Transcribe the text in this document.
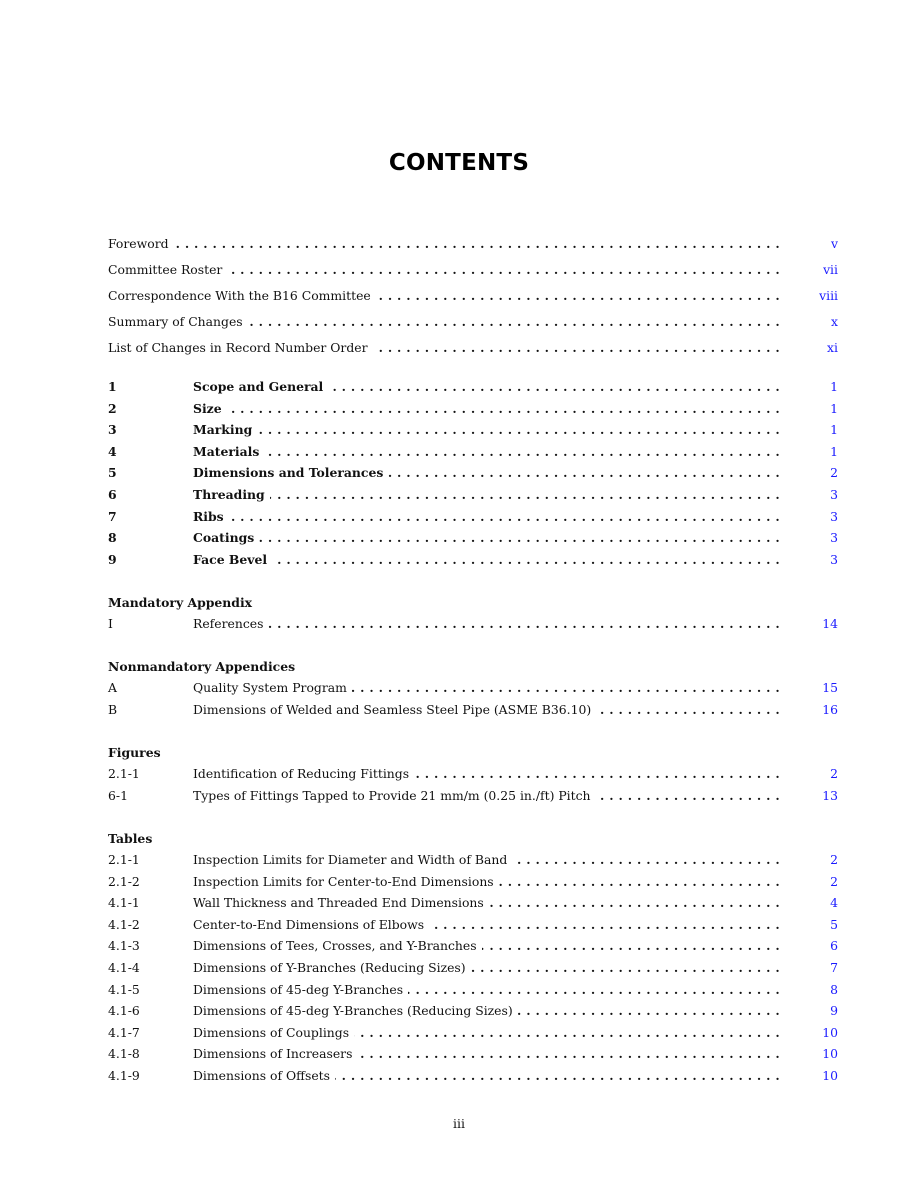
CONTENTS
Foreword . . .	v
Committee Roster . . .	vii
Correspondence With the B16 Committee . . .	viii
Summary of Changes . . .	x
List of Changes in Record Number Order . . .	xi
1	Scope and General . . .	1
2	Size . . .	1
3	Marking . . .	1
4	Materials . . .	1
5	Dimensions and Tolerances . . .	2
6	Threading . . .	3
7	Ribs . . .	3
8	Coatings . . .	3
9	Face Bevel . . .	3
Mandatory Appendix
I	References . . .	14
Nonmandatory Appendices
A	Quality System Program . . .	15
B	Dimensions of Welded and Seamless Steel Pipe (ASME B36.10) . . .	16
Figures
2.1-1	Identification of Reducing Fittings . . .	2
6-1	Types of Fittings Tapped to Provide 21 mm/m (0.25 in./ft) Pitch . . .	13
Tables
2.1-1	Inspection Limits for Diameter and Width of Band . . .	2
2.1-2	Inspection Limits for Center-to-End Dimensions . . .	2
4.1-1	Wall Thickness and Threaded End Dimensions . . .	4
4.1-2	Center-to-End Dimensions of Elbows . . .	5
4.1-3	Dimensions of Tees, Crosses, and Y-Branches . . .	6
4.1-4	Dimensions of Y-Branches (Reducing Sizes) . . .	7
4.1-5	Dimensions of 45-deg Y-Branches . . .	8
4.1-6	Dimensions of 45-deg Y-Branches (Reducing Sizes) . . .	9
4.1-7	Dimensions of Couplings . . .	10
4.1-8	Dimensions of Increasers . . .	10
4.1-9	Dimensions of Offsets . . .	10
iii
